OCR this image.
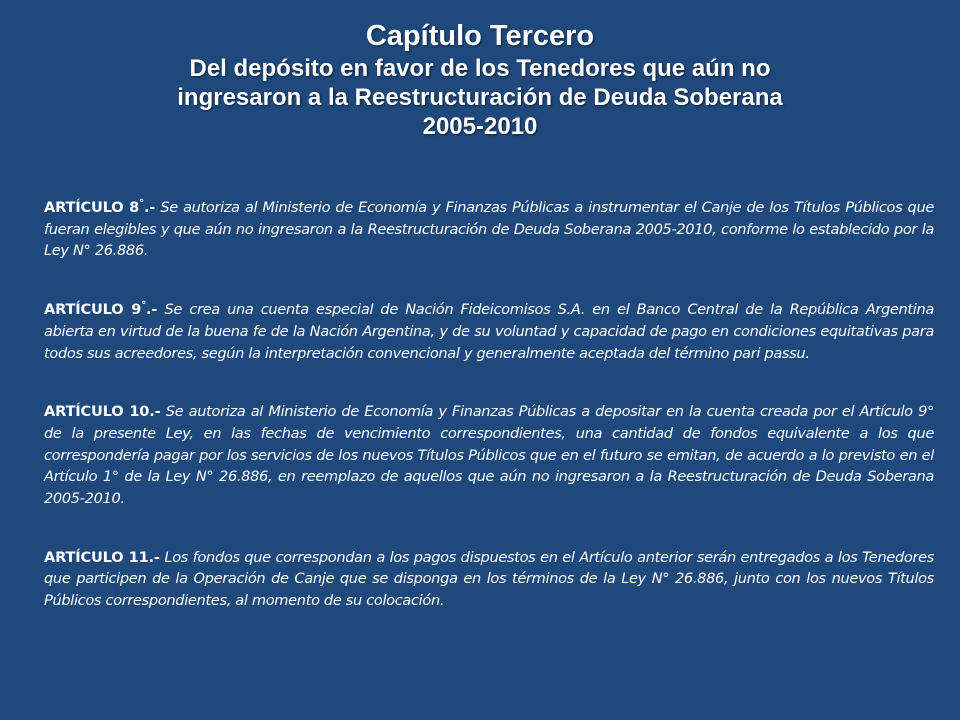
Capítulo Tercero
Del depósito en favor de los Tenedores que aún no
ingresaron a la Reestructuración de Deuda Soberana
2005-2010

ARTÍCULO 8°.- Se autoriza al Ministerio de Economía y Finanzas Públicas a instrumentar el Canje de los Títulos Públicos que fueran elegibles y que aún no ingresaron a la Reestructuración de Deuda Soberana 2005-2010, conforme lo establecido por la Ley N° 26.886.

ARTÍCULO 9°.- Se crea una cuenta especial de Nación Fideicomisos S.A. en el Banco Central de la República Argentina abierta en virtud de la buena fe de la Nación Argentina, y de su voluntad y capacidad de pago en condiciones equitativas para todos sus acreedores, según la interpretación convencional y generalmente aceptada del término pari passu.

ARTÍCULO 10.- Se autoriza al Ministerio de Economía y Finanzas Públicas a depositar en la cuenta creada por el Artículo 9° de la presente Ley, en las fechas de vencimiento correspondientes, una cantidad de fondos equivalente a los que correspondería pagar por los servicios de los nuevos Títulos Públicos que en el futuro se emitan, de acuerdo a lo previsto en el Artículo 1° de la Ley N° 26.886, en reemplazo de aquellos que aún no ingresaron a la Reestructuración de Deuda Soberana 2005-2010.

ARTÍCULO 11.- Los fondos que correspondan a los pagos dispuestos en el Artículo anterior serán entregados a los Tenedores que participen de la Operación de Canje que se disponga en los términos de la Ley N° 26.886, junto con los nuevos Títulos Públicos correspondientes, al momento de su colocación.
